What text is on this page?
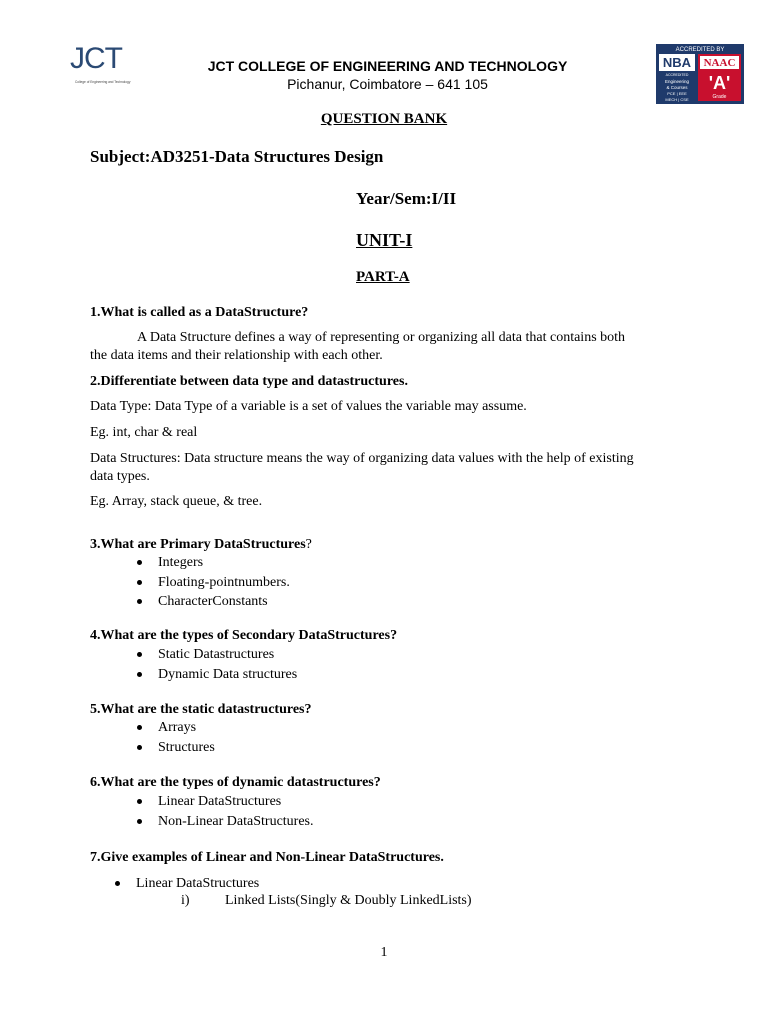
JCT
College of Engineering and Technology
JCT COLLEGE OF ENGINEERING AND TECHNOLOGY
Pichanur, Coimbatore – 641 105
ACCREDITED BY
NBA
ACCREDITED
Engineering
& Courses
PCE | EEE
MECH | CSE
NAAC
'A'
Grade
QUESTION BANK
Subject:AD3251-Data Structures Design
Year/Sem:I/II
UNIT-I
PART-A
1.What is called as a DataStructure?
A Data Structure defines a way of representing or organizing all data that contains both
the data items and their relationship with each other.
2.Differentiate between data type and datastructures.
Data Type: Data Type of a variable is a set of values the variable may assume.
Eg. int, char & real
Data Structures: Data structure means the way of organizing data values with the help of existing
data types.
Eg. Array, stack queue, & tree.
3.What are Primary DataStructures?
Integers
Floating-pointnumbers.
CharacterConstants
4.What are the types of Secondary DataStructures?
Static Datastructures
Dynamic Data structures
5.What are the static datastructures?
Arrays
Structures
6.What are the types of dynamic datastructures?
Linear DataStructures
Non-Linear DataStructures.
7.Give examples of Linear and Non-Linear DataStructures.
Linear DataStructures
i)	Linked Lists(Singly & Doubly LinkedLists)
1
